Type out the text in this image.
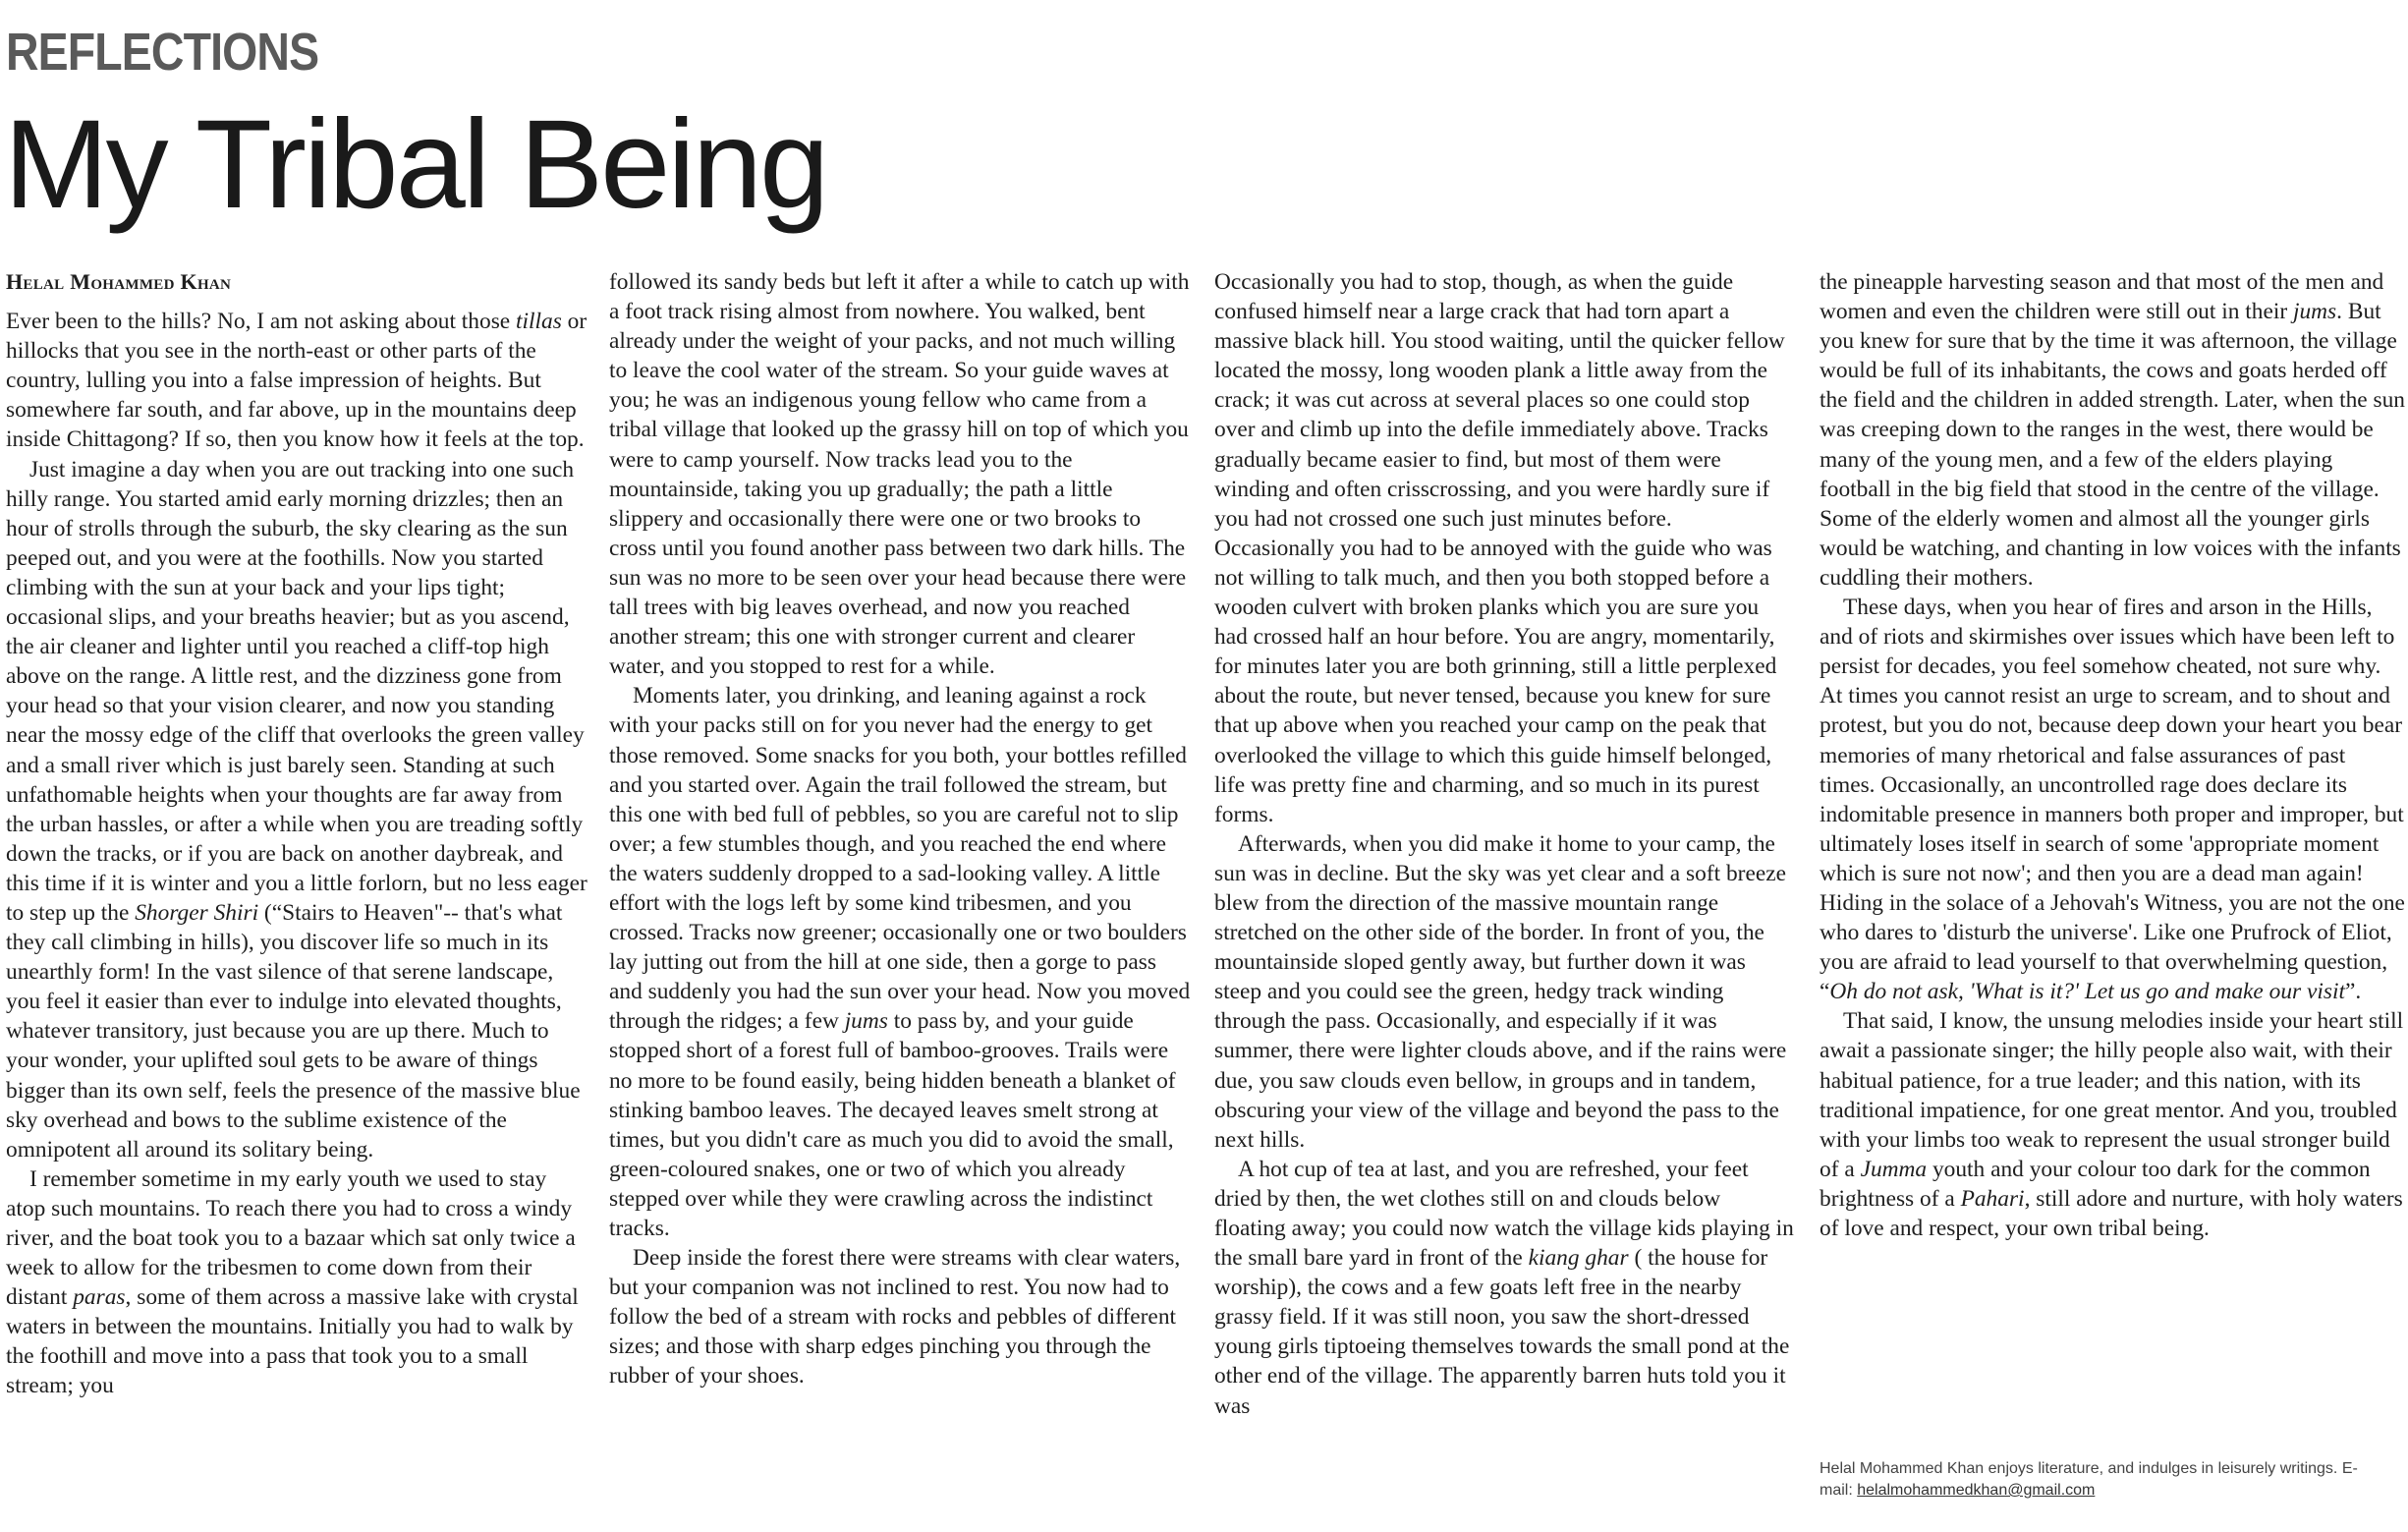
REFLECTIONS
My Tribal Being
Helal Mohammed Khan

Ever been to the hills? No, I am not asking about those tillas or hillocks that you see in the north-east or other parts of the country, lulling you into a false impression of heights. But somewhere far south, and far above, up in the mountains deep inside Chittagong? If so, then you know how it feels at the top.

Just imagine a day when you are out tracking into one such hilly range. You started amid early morning drizzles; then an hour of strolls through the suburb, the sky clearing as the sun peeped out, and you were at the foothills. Now you started climbing with the sun at your back and your lips tight; occasional slips, and your breaths heavier; but as you ascend, the air cleaner and lighter until you reached a cliff-top high above on the range. A little rest, and the dizziness gone from your head so that your vision clearer, and now you standing near the mossy edge of the cliff that overlooks the green valley and a small river which is just barely seen. Standing at such unfathomable heights when your thoughts are far away from the urban hassles, or after a while when you are treading softly down the tracks, or if you are back on another daybreak, and this time if it is winter and you a little forlorn, but no less eager to step up the Shorger Shiri (“Stairs to Heaven"-- that's what they call climbing in hills), you discover life so much in its unearthly form! In the vast silence of that serene landscape, you feel it easier than ever to indulge into elevated thoughts, whatever transitory, just because you are up there. Much to your wonder, your uplifted soul gets to be aware of things bigger than its own self, feels the presence of the massive blue sky overhead and bows to the sublime existence of the omnipotent all around its solitary being.

I remember sometime in my early youth we used to stay atop such mountains. To reach there you had to cross a windy river, and the boat took you to a bazaar which sat only twice a week to allow for the tribesmen to come down from their distant paras, some of them across a massive lake with crystal waters in between the mountains. Initially you had to walk by the foothill and move into a pass that took you to a small stream; you

followed its sandy beds but left it after a while to catch up with a foot track rising almost from nowhere. You walked, bent already under the weight of your packs, and not much willing to leave the cool water of the stream. So your guide waves at you; he was an indigenous young fellow who came from a tribal village that looked up the grassy hill on top of which you were to camp yourself. Now tracks lead you to the mountainside, taking you up gradually; the path a little slippery and occasionally there were one or two brooks to cross until you found another pass between two dark hills. The sun was no more to be seen over your head because there were tall trees with big leaves overhead, and now you reached another stream; this one with stronger current and clearer water, and you stopped to rest for a while.

Moments later, you drinking, and leaning against a rock with your packs still on for you never had the energy to get those removed. Some snacks for you both, your bottles refilled and you started over. Again the trail followed the stream, but this one with bed full of pebbles, so you are careful not to slip over; a few stumbles though, and you reached the end where the waters suddenly dropped to a sad-looking valley. A little effort with the logs left by some kind tribesmen, and you crossed. Tracks now greener; occasionally one or two boulders lay jutting out from the hill at one side, then a gorge to pass and suddenly you had the sun over your head. Now you moved through the ridges; a few jums to pass by, and your guide stopped short of a forest full of bamboo-grooves. Trails were no more to be found easily, being hidden beneath a blanket of stinking bamboo leaves. The decayed leaves smelt strong at times, but you didn't care as much you did to avoid the small, green-coloured snakes, one or two of which you already stepped over while they were crawling across the indistinct tracks.

Deep inside the forest there were streams with clear waters, but your companion was not inclined to rest. You now had to follow the bed of a stream with rocks and pebbles of different sizes; and those with sharp edges pinching you through the rubber of your shoes.

Occasionally you had to stop, though, as when the guide confused himself near a large crack that had torn apart a massive black hill. You stood waiting, until the quicker fellow located the mossy, long wooden plank a little away from the crack; it was cut across at several places so one could stop over and climb up into the defile immediately above. Tracks gradually became easier to find, but most of them were winding and often crisscrossing, and you were hardly sure if you had not crossed one such just minutes before. Occasionally you had to be annoyed with the guide who was not willing to talk much, and then you both stopped before a wooden culvert with broken planks which you are sure you had crossed half an hour before. You are angry, momentarily, for minutes later you are both grinning, still a little perplexed about the route, but never tensed, because you knew for sure that up above when you reached your camp on the peak that overlooked the village to which this guide himself belonged, life was pretty fine and charming, and so much in its purest forms.

Afterwards, when you did make it home to your camp, the sun was in decline. But the sky was yet clear and a soft breeze blew from the direction of the massive mountain range stretched on the other side of the border. In front of you, the mountainside sloped gently away, but further down it was steep and you could see the green, hedgy track winding through the pass. Occasionally, and especially if it was summer, there were lighter clouds above, and if the rains were due, you saw clouds even bellow, in groups and in tandem, obscuring your view of the village and beyond the pass to the next hills.

A hot cup of tea at last, and you are refreshed, your feet dried by then, the wet clothes still on and clouds below floating away; you could now watch the village kids playing in the small bare yard in front of the kiang ghar ( the house for worship), the cows and a few goats left free in the nearby grassy field. If it was still noon, you saw the short-dressed young girls tiptoeing themselves towards the small pond at the other end of the village. The apparently barren huts told you it was

the pineapple harvesting season and that most of the men and women and even the children were still out in their jums. But you knew for sure that by the time it was afternoon, the village would be full of its inhabitants, the cows and goats herded off the field and the children in added strength. Later, when the sun was creeping down to the ranges in the west, there would be many of the young men, and a few of the elders playing football in the big field that stood in the centre of the village. Some of the elderly women and almost all the younger girls would be watching, and chanting in low voices with the infants cuddling their mothers.

These days, when you hear of fires and arson in the Hills, and of riots and skirmishes over issues which have been left to persist for decades, you feel somehow cheated, not sure why. At times you cannot resist an urge to scream, and to shout and protest, but you do not, because deep down your heart you bear memories of many rhetorical and false assurances of past times. Occasionally, an uncontrolled rage does declare its indomitable presence in manners both proper and improper, but ultimately loses itself in search of some 'appropriate moment which is sure not now'; and then you are a dead man again! Hiding in the solace of a Jehovah's Witness, you are not the one who dares to 'disturb the universe'. Like one Prufrock of Eliot, you are afraid to lead yourself to that overwhelming question, “Oh do not ask, 'What is it?' Let us go and make our visit”.

That said, I know, the unsung melodies inside your heart still await a passionate singer; the hilly people also wait, with their habitual patience, for a true leader; and this nation, with its traditional impatience, for one great mentor. And you, troubled with your limbs too weak to represent the usual stronger build of a Jumma youth and your colour too dark for the common brightness of a Pahari, still adore and nurture, with holy waters of love and respect, your own tribal being.

Helal Mohammed Khan enjoys literature, and indulges in leisurely writings. E-mail: helalmohammedkhan@gmail.com
